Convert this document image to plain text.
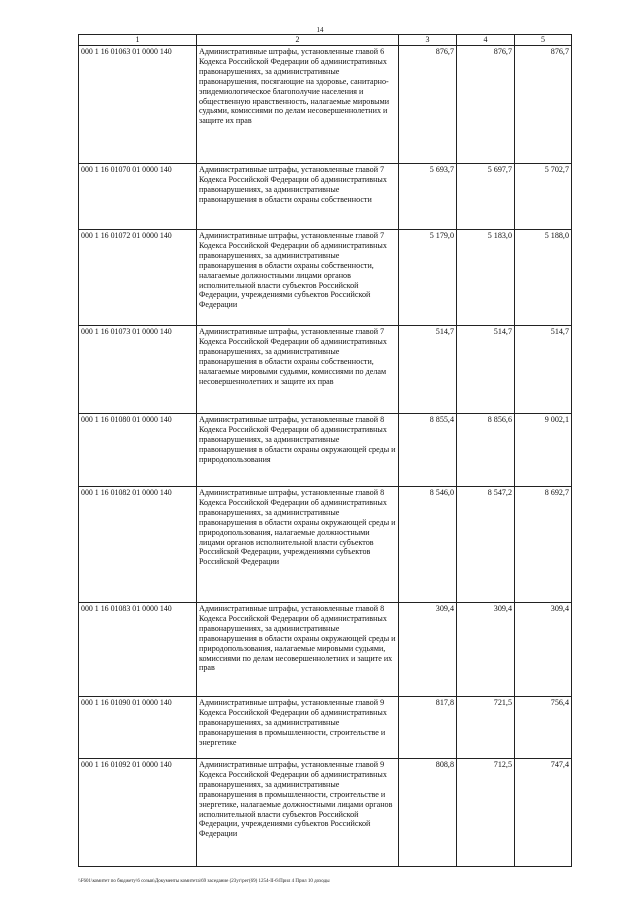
14
1	2	3	4	5
000 1 16 01063 01 0000 140	Административные штрафы, установленные главой 6 Кодекса Российской Федерации об административных правонарушениях, за административные правонарушения, посягающие на здоровье, санитарно-эпидемиологическое благополучие населения и общественную нравственность, налагаемые мировыми судьями, комиссиями по делам несовершеннолетних и защите их прав	876,7	876,7	876,7
000 1 16 01070 01 0000 140	Административные штрафы, установленные главой 7 Кодекса Российской Федерации об административных правонарушениях, за административные правонарушения в области охраны собственности	5 693,7	5 697,7	5 702,7
000 1 16 01072 01 0000 140	Административные штрафы, установленные главой 7 Кодекса Российской Федерации об административных правонарушениях, за административные правонарушения в области охраны собственности, налагаемые должностными лицами органов исполнительной власти субъектов Российской Федерации, учреждениями субъектов Российской Федерации	5 179,0	5 183,0	5 188,0
000 1 16 01073 01 0000 140	Административные штрафы, установленные главой 7 Кодекса Российской Федерации об административных правонарушениях, за административные правонарушения в области охраны собственности, налагаемые мировыми судьями, комиссиями по делам несовершеннолетних и защите их прав	514,7	514,7	514,7
000 1 16 01080 01 0000 140	Административные штрафы, установленные главой 8 Кодекса Российской Федерации об административных правонарушениях, за административные правонарушения в области охраны окружающей среды и природопользования	8 855,4	8 856,6	9 002,1
000 1 16 01082 01 0000 140	Административные штрафы, установленные главой 8 Кодекса Российской Федерации об административных правонарушениях, за административные правонарушения в области охраны окружающей среды и природопользования, налагаемые должностными лицами органов исполнительной власти субъектов Российской Федерации, учреждениями субъектов Российской Федерации	8 546,0	8 547,2	8 692,7
000 1 16 01083 01 0000 140	Административные штрафы, установленные главой 8 Кодекса Российской Федерации об административных правонарушениях, за административные правонарушения в области охраны окружающей среды и природопользования, налагаемые мировыми судьями, комиссиями по делам несовершеннолетних и защите их прав	309,4	309,4	309,4
000 1 16 01090 01 0000 140	Административные штрафы, установленные главой 9 Кодекса Российской Федерации об административных правонарушениях, за административные правонарушения в промышленности, строительстве и энергетике	817,8	721,5	756,4
000 1 16 01092 01 0000 140	Административные штрафы, установленные главой 9 Кодекса Российской Федерации об административных правонарушениях, за административные правонарушения в промышленности, строительстве и энергетике, налагаемые должностными лицами органов исполнительной власти субъектов Российской Федерации, учреждениями субъектов Российской Федерации	808,8	712,5	747,4
\\F601\комитет по бюджету\6 созыв\Документы комитета\69 заседание (23уг\рег(69) 1254-II-6\Прил 4 Прил 10 доходы
